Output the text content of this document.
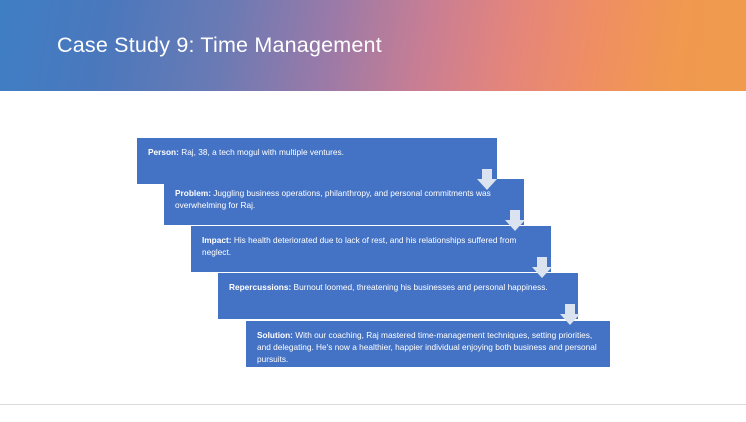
Case Study 9: Time Management
Person: Raj, 38, a tech mogul with multiple ventures.
Problem: Juggling business operations, philanthropy, and personal commitments was overwhelming for Raj.
Impact: His health deteriorated due to lack of rest, and his relationships suffered from neglect.
Repercussions: Burnout loomed, threatening his businesses and personal happiness.
Solution: With our coaching, Raj mastered time-management techniques, setting priorities, and delegating. He's now a healthier, happier individual enjoying both business and personal pursuits.
